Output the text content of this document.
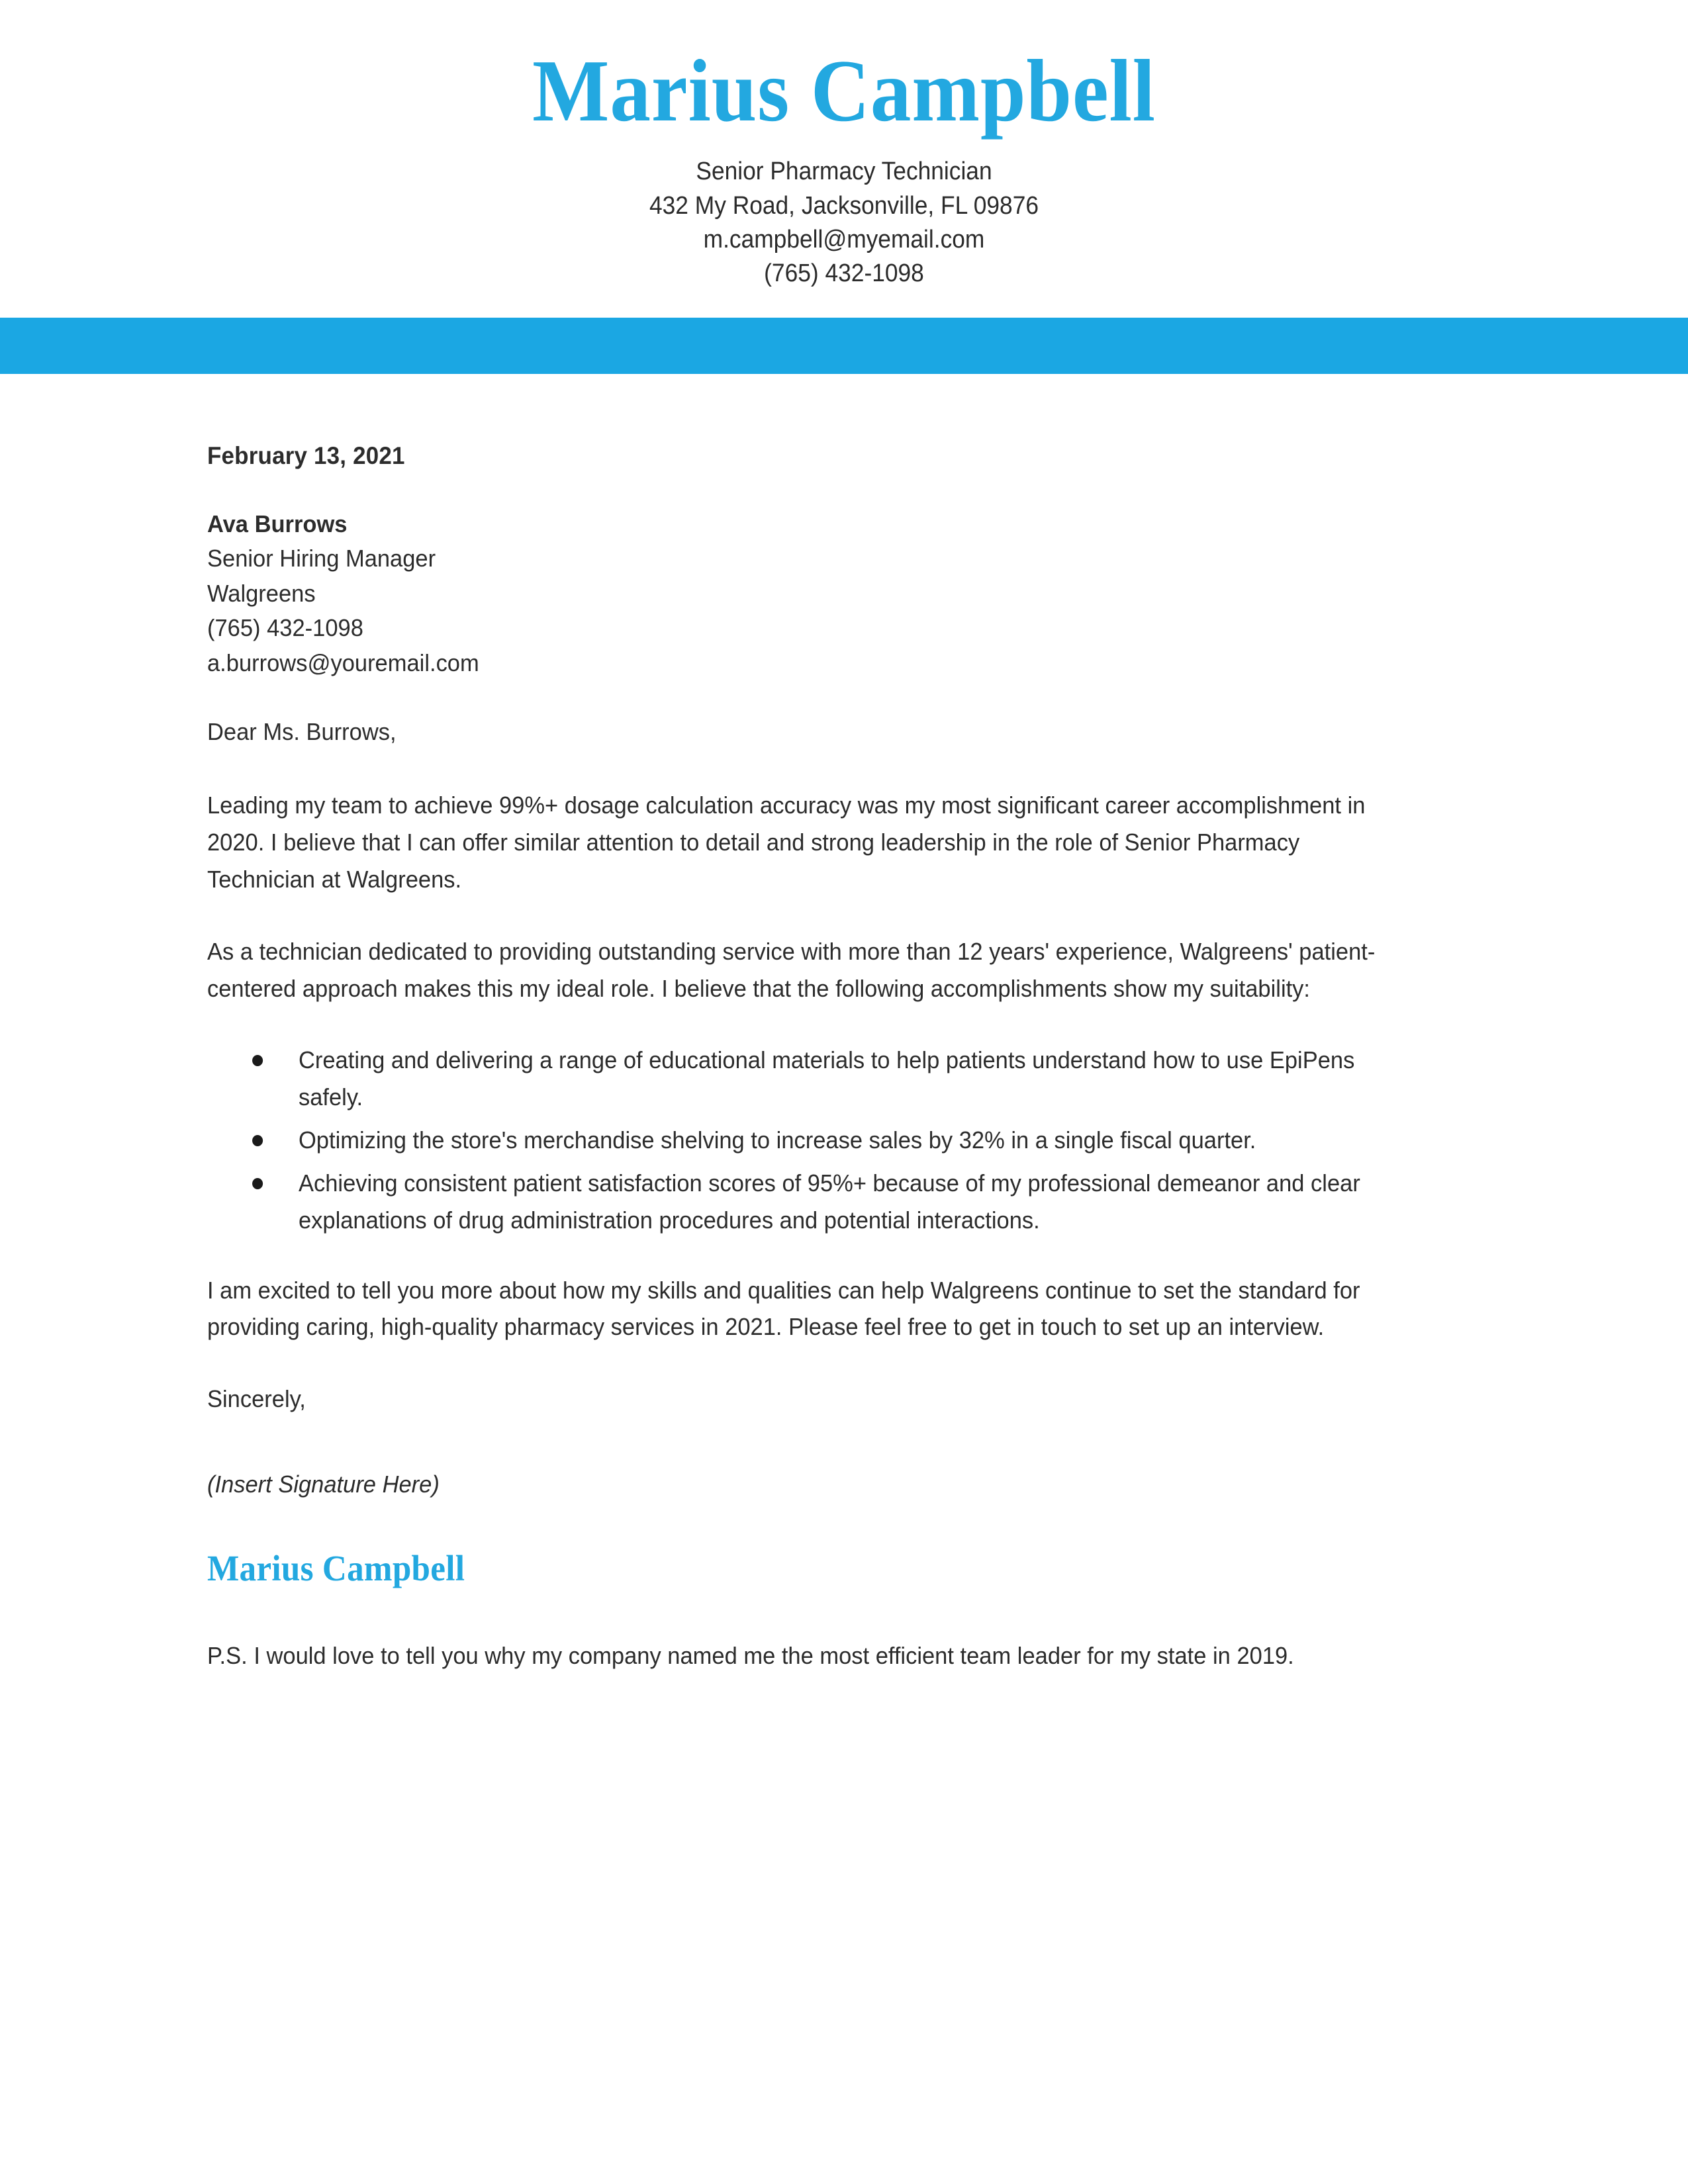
Marius Campbell
Senior Pharmacy Technician
432 My Road, Jacksonville, FL 09876
m.campbell@myemail.com
(765) 432-1098

February 13, 2021

Ava Burrows
Senior Hiring Manager
Walgreens
(765) 432-1098
a.burrows@youremail.com

Dear Ms. Burrows,

Leading my team to achieve 99%+ dosage calculation accuracy was my most significant career accomplishment in 2020. I believe that I can offer similar attention to detail and strong leadership in the role of Senior Pharmacy Technician at Walgreens.

As a technician dedicated to providing outstanding service with more than 12 years' experience, Walgreens' patient-centered approach makes this my ideal role. I believe that the following accomplishments show my suitability:

Creating and delivering a range of educational materials to help patients understand how to use EpiPens safely.
Optimizing the store's merchandise shelving to increase sales by 32% in a single fiscal quarter.
Achieving consistent patient satisfaction scores of 95%+ because of my professional demeanor and clear explanations of drug administration procedures and potential interactions.

I am excited to tell you more about how my skills and qualities can help Walgreens continue to set the standard for providing caring, high-quality pharmacy services in 2021. Please feel free to get in touch to set up an interview.

Sincerely,

(Insert Signature Here)

Marius Campbell

P.S. I would love to tell you why my company named me the most efficient team leader for my state in 2019.
